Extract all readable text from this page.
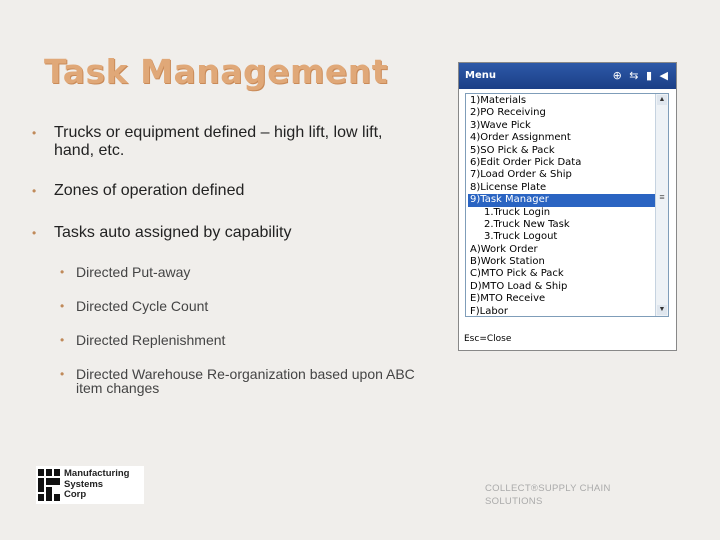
Task Management
• Trucks or equipment defined – high lift, low lift, hand, etc.
• Zones of operation defined
• Tasks auto assigned by capability
• Directed Put-away
• Directed Cycle Count
• Directed Replenishment
• Directed Warehouse Re-organization based upon ABC item changes
Menu	⊕ ⇆ ▮ ◀
1)Materials
2)PO Receiving
3)Wave Pick
4)Order Assignment
5)SO Pick & Pack
6)Edit Order Pick Data
7)Load Order & Ship
8)License Plate
9)Task Manager
1.Truck Login
2.Truck New Task
3.Truck Logout
A)Work Order
B)Work Station
C)MTO Pick & Pack
D)MTO Load & Ship
E)MTO Receive
F)Labor
▲
≡
▼
Esc=Close
Manufacturing
Systems
Corp
COLLECT®SUPPLY CHAIN SOLUTIONS
